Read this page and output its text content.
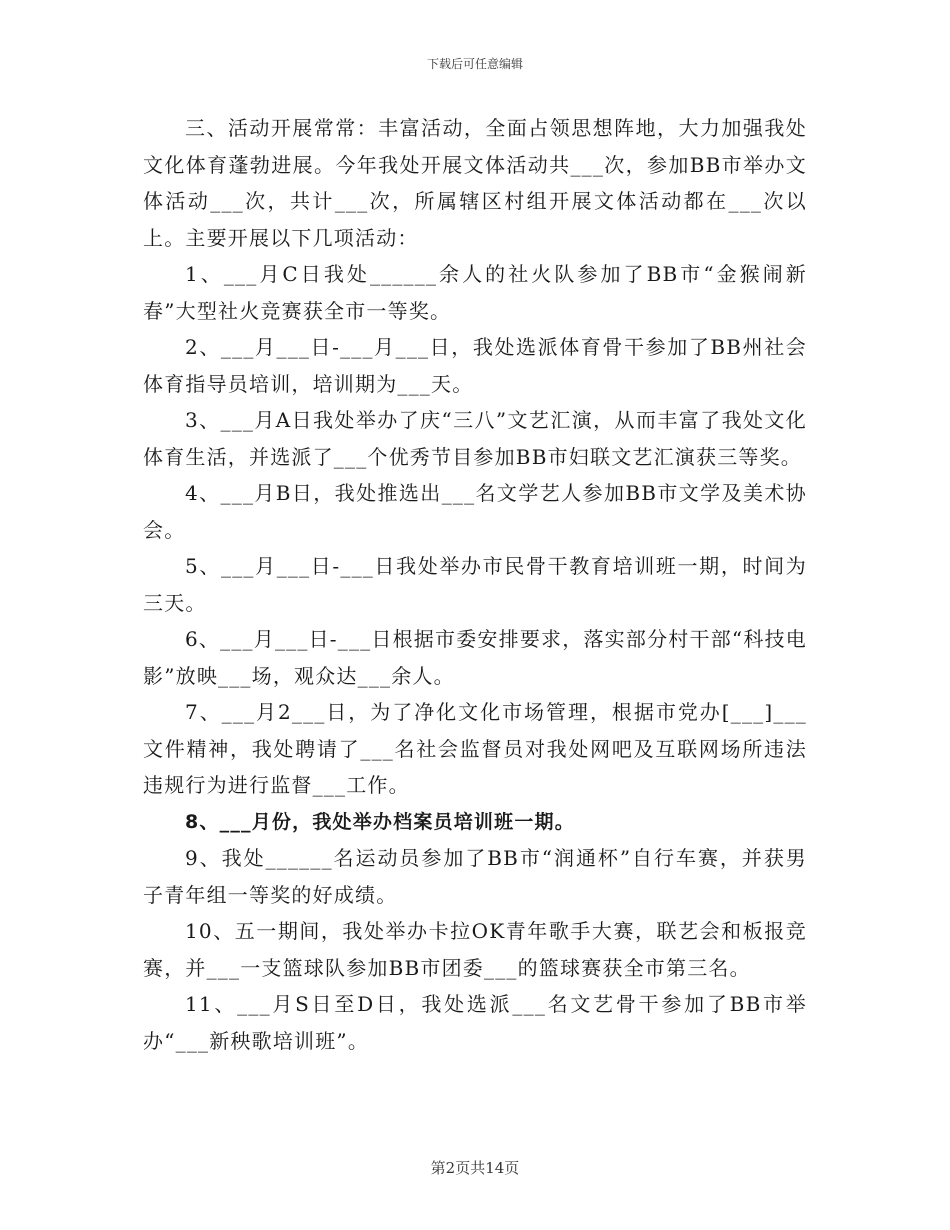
下载后可任意编辑

三、活动开展常常：丰富活动，全面占领思想阵地，大力加强我处文化体育蓬勃进展。今年我处开展文体活动共___次，参加BB市举办文体活动___次，共计___次，所属辖区村组开展文体活动都在___次以上。主要开展以下几项活动：

1、___月C日我处______余人的社火队参加了BB市“金猴闹新春”大型社火竞赛获全市一等奖。

2、___月___日-___月___日，我处选派体育骨干参加了BB州社会体育指导员培训，培训期为___天。

3、___月A日我处举办了庆“三八”文艺汇演，从而丰富了我处文化体育生活，并选派了___个优秀节目参加BB市妇联文艺汇演获三等奖。

4、___月B日，我处推选出___名文学艺人参加BB市文学及美术协会。

5、___月___日-___日我处举办市民骨干教育培训班一期，时间为三天。

6、___月___日-___日根据市委安排要求，落实部分村干部“科技电影”放映___场，观众达___余人。

7、___月2___日，为了净化文化市场管理，根据市党办[___]___文件精神，我处聘请了___名社会监督员对我处网吧及互联网场所违法违规行为进行监督___工作。

8、___月份，我处举办档案员培训班一期。

9、我处______名运动员参加了BB市“润通杯”自行车赛，并获男子青年组一等奖的好成绩。

10、五一期间，我处举办卡拉OK青年歌手大赛，联艺会和板报竞赛，并___一支篮球队参加BB市团委___的篮球赛获全市第三名。

11、___月S日至D日，我处选派___名文艺骨干参加了BB市举办“___新秧歌培训班”。

第2页共14页
